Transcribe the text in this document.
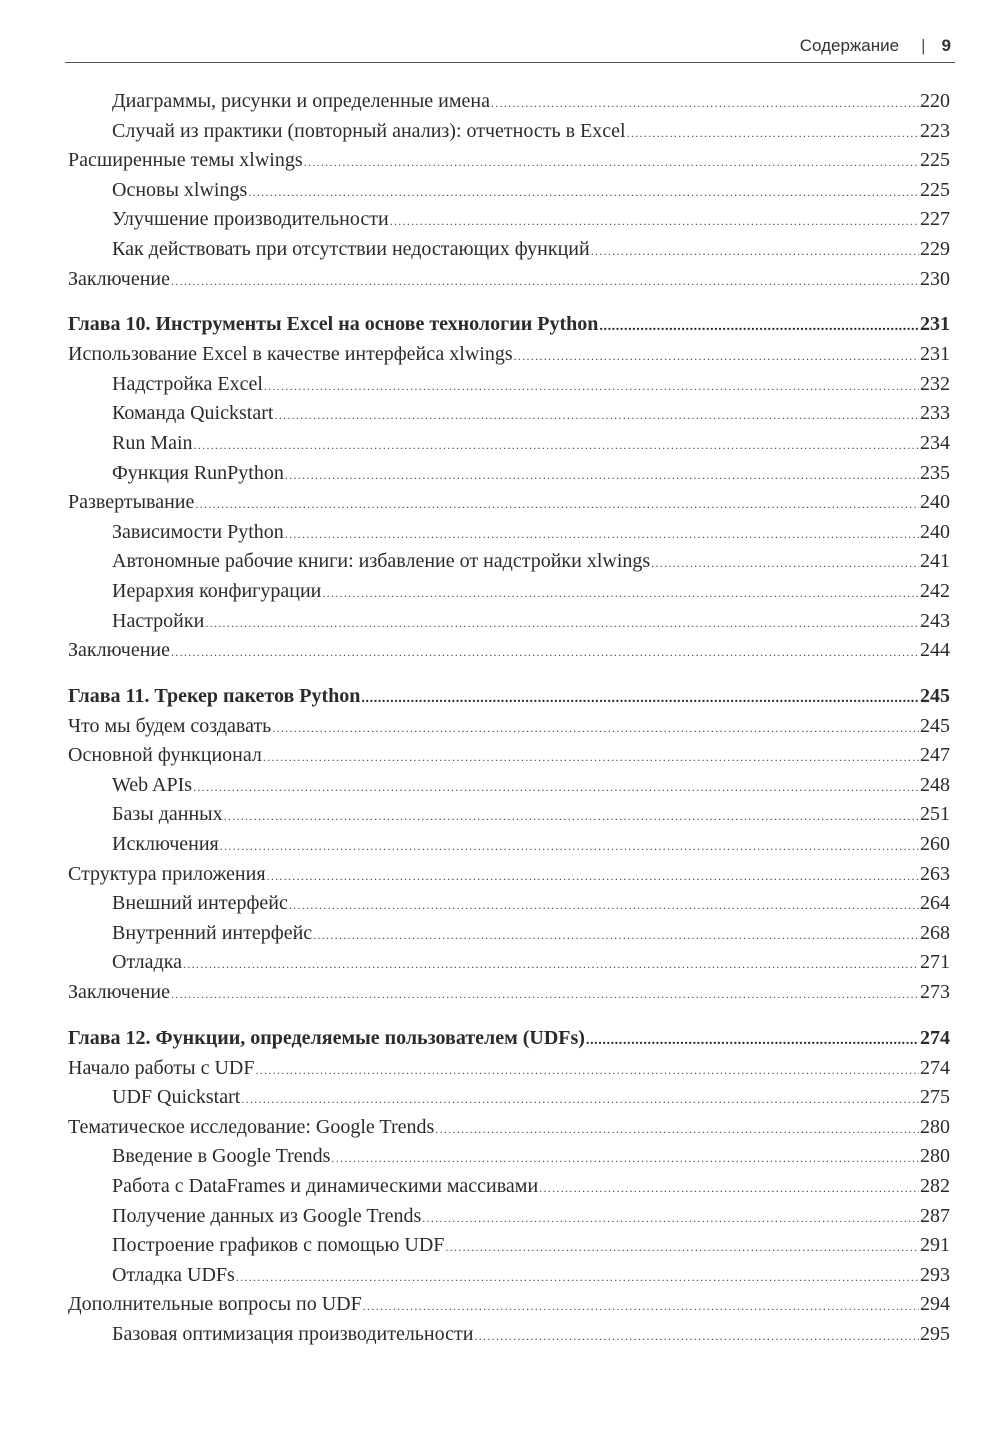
Содержание | 9
Диаграммы, рисунки и определенные имена .....	220
Случай из практики (повторный анализ): отчетность в Excel .....	223
Расширенные темы xlwings .....	225
Основы xlwings .....	225
Улучшение производительности .....	227
Как действовать при отсутствии недостающих функций .....	229
Заключение .....	230
Глава 10. Инструменты Excel на основе технологии Python .....	231
Использование Excel в качестве интерфейса xlwings .....	231
Надстройка Excel .....	232
Команда Quickstart .....	233
Run Main .....	234
Функция RunPython .....	235
Развертывание .....	240
Зависимости Python .....	240
Автономные рабочие книги: избавление от надстройки xlwings .....	241
Иерархия конфигурации .....	242
Настройки .....	243
Заключение .....	244
Глава 11. Трекер пакетов Python .....	245
Что мы будем создавать .....	245
Основной функционал .....	247
Web APIs .....	248
Базы данных .....	251
Исключения .....	260
Структура приложения .....	263
Внешний интерфейс .....	264
Внутренний интерфейс .....	268
Отладка .....	271
Заключение .....	273
Глава 12. Функции, определяемые пользователем (UDFs) .....	274
Начало работы с UDF .....	274
UDF Quickstart .....	275
Тематическое исследование: Google Trends .....	280
Введение в Google Trends .....	280
Работа с DataFrames и динамическими массивами .....	282
Получение данных из Google Trends .....	287
Построение графиков с помощью UDF .....	291
Отладка UDFs .....	293
Дополнительные вопросы по UDF .....	294
Базовая оптимизация производительности .....	295
